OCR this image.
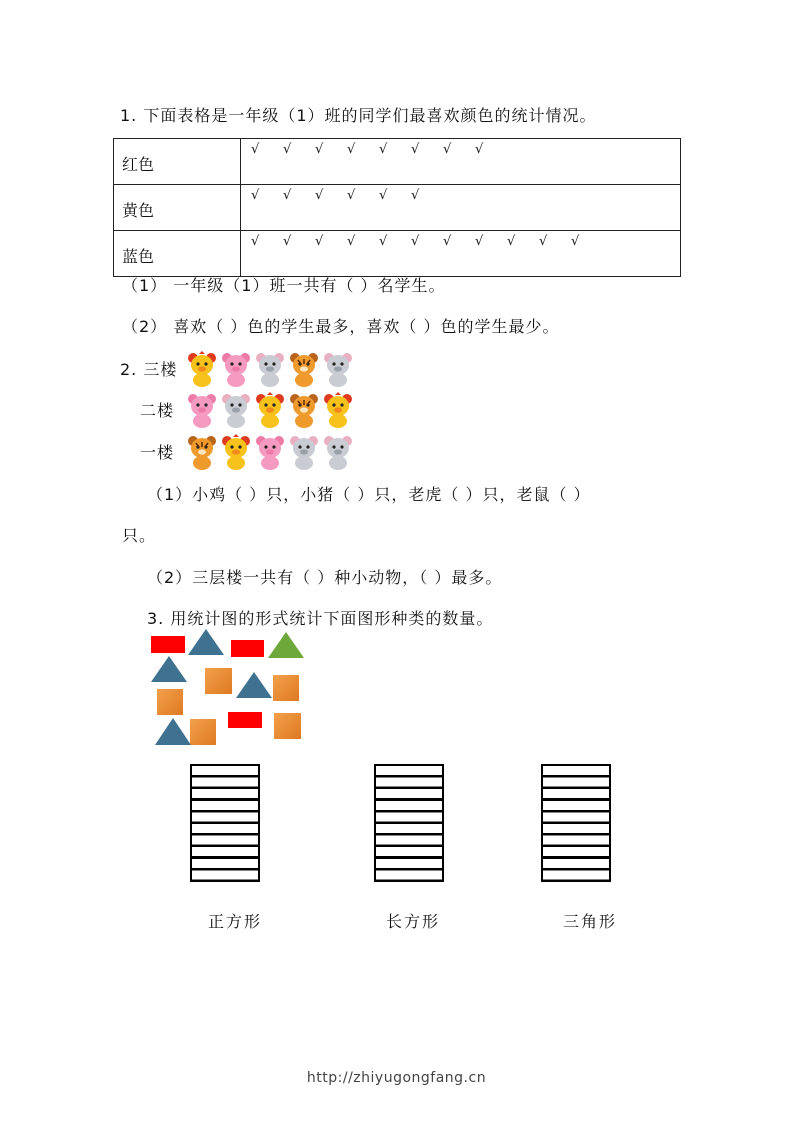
1. 下面表格是一年级（1）班的同学们最喜欢颜色的统计情况。
红色	√ √ √ √ √ √ √ √
黄色	√ √ √ √ √ √
蓝色	√ √ √ √ √ √ √ √ √ √ √
（1） 一年级（1）班一共有（ ）名学生。
（2） 喜欢（ ）色的学生最多，喜欢（ ）色的学生最少。
2. 三楼
二楼
一楼
（1）小鸡（ ）只，小猪（ ）只，老虎（ ）只，老鼠（ ）
只。
（2）三层楼一共有（ ）种小动物，（ ）最多。
3. 用统计图的形式统计下面图形种类的数量。
正方形	长方形	三角形
http://zhiyugongfang.cn
